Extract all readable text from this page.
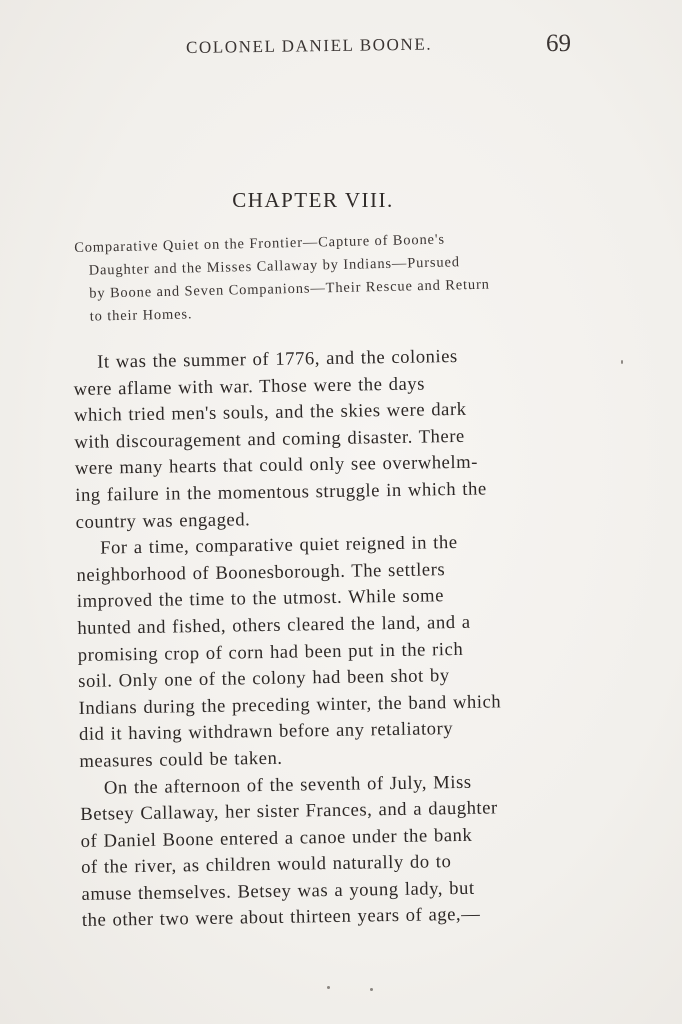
COLONEL DANIEL BOONE.	69
CHAPTER VIII.
Comparative Quiet on the Frontier—Capture of Boone's
Daughter and the Misses Callaway by Indians—Pursued
by Boone and Seven Companions—Their Rescue and Return
to their Homes.
It was the summer of 1776, and the colonies
were aflame with war. Those were the days
which tried men's souls, and the skies were dark
with discouragement and coming disaster. There
were many hearts that could only see overwhelm-
ing failure in the momentous struggle in which the
country was engaged.
For a time, comparative quiet reigned in the
neighborhood of Boonesborough. The settlers
improved the time to the utmost. While some
hunted and fished, others cleared the land, and a
promising crop of corn had been put in the rich
soil. Only one of the colony had been shot by
Indians during the preceding winter, the band which
did it having withdrawn before any retaliatory
measures could be taken.
On the afternoon of the seventh of July, Miss
Betsey Callaway, her sister Frances, and a daughter
of Daniel Boone entered a canoe under the bank
of the river, as children would naturally do to
amuse themselves. Betsey was a young lady, but
the other two were about thirteen years of age,—
